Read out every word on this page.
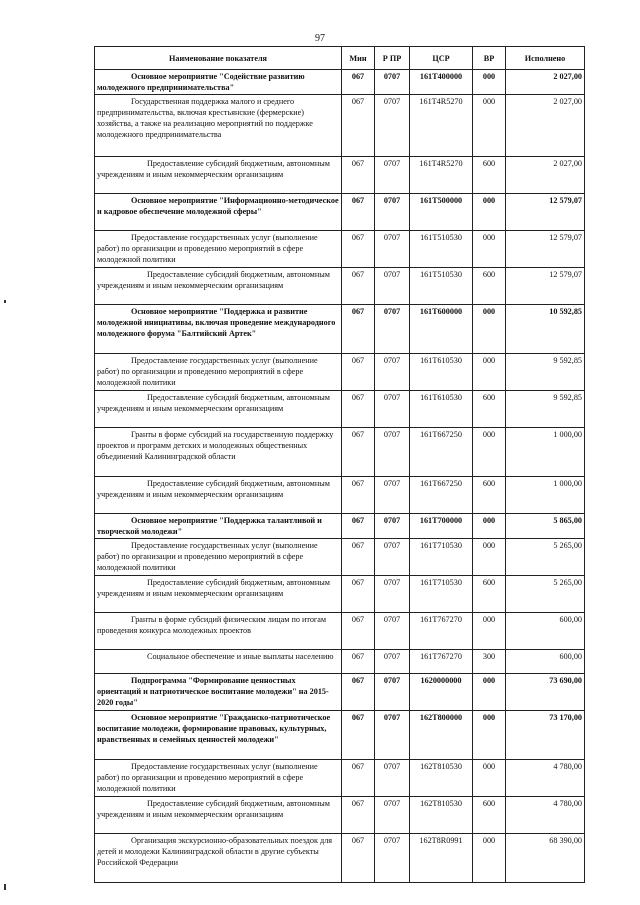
97
Наименование показателя	Мин	Р ПР	ЦСР	ВР	Исполнено
Основное мероприятие "Содействие развитию молодежного предпринимательства"	067	0707	161Т400000	000	2 027,00
Государственная поддержка малого и среднего предпринимательства, включая крестьянские (фермерские) хозяйства, а также на реализацию мероприятий по поддержке молодежного предпринимательства	067	0707	161Т4R5270	000	2 027,00
Предоставление субсидий бюджетным, автономным учреждениям и иным некоммерческим организациям	067	0707	161Т4R5270	600	2 027,00
Основное мероприятие "Информационно-методическое и кадровое обеспечение молодежной сферы"	067	0707	161Т500000	000	12 579,07
Предоставление государственных услуг (выполнение работ) по организации и проведению мероприятий в сфере молодежной политики	067	0707	161Т510530	000	12 579,07
Предоставление субсидий бюджетным, автономным учреждениям и иным некоммерческим организациям	067	0707	161Т510530	600	12 579,07
Основное мероприятие "Поддержка и развитие молодежной инициативы, включая проведение международного молодежного форума "Балтийский Артек"	067	0707	161Т600000	000	10 592,85
Предоставление государственных услуг (выполнение работ) по организации и проведению мероприятий в сфере молодежной политики	067	0707	161Т610530	000	9 592,85
Предоставление субсидий бюджетным, автономным учреждениям и иным некоммерческим организациям	067	0707	161Т610530	600	9 592,85
Гранты в форме субсидий на государственную поддержку проектов и программ детских и молодежных общественных объединений Калининградской области	067	0707	161Т667250	000	1 000,00
Предоставление субсидий бюджетным, автономным учреждениям и иным некоммерческим организациям	067	0707	161Т667250	600	1 000,00
Основное мероприятие "Поддержка талантливой и творческой молодежи"	067	0707	161Т700000	000	5 865,00
Предоставление государственных услуг (выполнение работ) по организации и проведению мероприятий в сфере молодежной политики	067	0707	161Т710530	000	5 265,00
Предоставление субсидий бюджетным, автономным учреждениям и иным некоммерческим организациям	067	0707	161Т710530	600	5 265,00
Гранты в форме субсидий физическим лицам по итогам проведения конкурса молодежных проектов	067	0707	161Т767270	000	600,00
Социальное обеспечение и иные выплаты населению	067	0707	161Т767270	300	600,00
Подпрограмма "Формирование ценностных ориентаций и патриотическое воспитание молодежи" на 2015-2020 годы"	067	0707	1620000000	000	73 690,00
Основное мероприятие "Гражданско-патриотическое воспитание молодежи, формирование правовых, культурных, нравственных и семейных ценностей молодежи"	067	0707	162Т800000	000	73 170,00
Предоставление государственных услуг (выполнение работ) по организации и проведению мероприятий в сфере молодежной политики	067	0707	162Т810530	000	4 780,00
Предоставление субсидий бюджетным, автономным учреждениям и иным некоммерческим организациям	067	0707	162Т810530	600	4 780,00
Организация экскурсионно-образовательных поездок для детей и молодежи Калининградской области в другие субъекты Российской Федерации	067	0707	162Т8R0991	000	68 390,00
